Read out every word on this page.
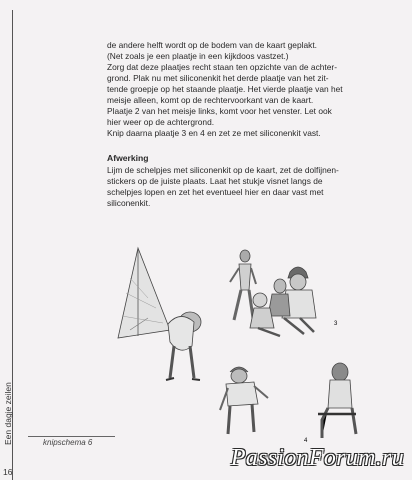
Een dagje zeilen
16

de andere helft wordt op de bodem van de kaart geplakt.
(Net zoals je een plaatje in een kijkdoos vastzet.)
Zorg dat deze plaatjes recht staan ten opzichte van de achter-
grond. Plak nu met siliconenkit het derde plaatje van het zit-
tende groepje op het staande plaatje. Het vierde plaatje van het
meisje alleen, komt op de rechtervoorkant van de kaart.
Plaatje 2 van het meisje links, komt voor het venster. Let ook
hier weer op de achtergrond.
Knip daarna plaatje 3 en 4 en zet ze met siliconenkit vast.

Afwerking

Lijm de schelpjes met siliconenkit op de kaart, zet de dolfijnen-
stickers op de juiste plaats. Laat het stukje visnet langs de
schelpjes lopen en zet het eventueel hier en daar vast met
siliconenkit.

3
4
knipschema 6
PassionForum.ru
